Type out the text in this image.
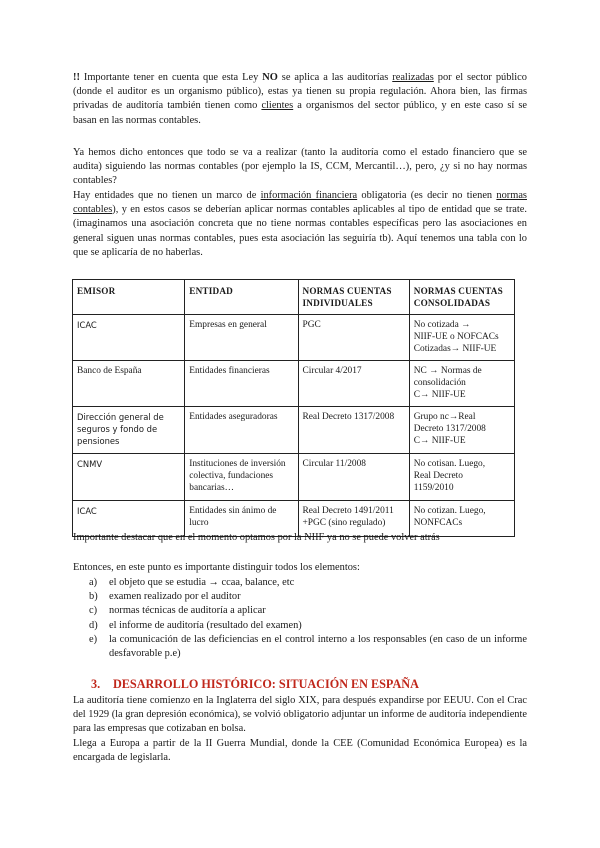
!! Importante tener en cuenta que esta Ley NO se aplica a las auditorías realizadas por el sector público (donde el auditor es un organismo público), estas ya tienen su propia regulación. Ahora bien, las firmas privadas de auditoría también tienen como clientes a organismos del sector público, y en este caso sí se basan en las normas contables.

Ya hemos dicho entonces que todo se va a realizar (tanto la auditoría como el estado financiero que se audita) siguiendo las normas contables (por ejemplo la IS, CCM, Mercantil…), pero, ¿y si no hay normas contables?

Hay entidades que no tienen un marco de información financiera obligatoria (es decir no tienen normas contables), y en estos casos se deberían aplicar normas contables aplicables al tipo de entidad que se trate. (imaginamos una asociación concreta que no tiene normas contables específicas pero las asociaciones en general siguen unas normas contables, pues esta asociación las seguiría tb). Aquí tenemos una tabla con lo que se aplicaría de no haberlas.

EMISOR	ENTIDAD	NORMAS CUENTAS INDIVIDUALES	NORMAS CUENTAS CONSOLIDADAS
ICAC	Empresas en general	PGC	No cotizada →
NIIF-UE o NOFCACs
Cotizadas→ NIIF-UE

Banco de España	Entidades financieras	Circular 4/2017	NC → Normas de
consolidación
C→ NIIF-UE

Dirección general de seguros y fondo de pensiones	Entidades aseguradoras	Real Decreto 1317/2008	Grupo nc→Real
Decreto 1317/2008
C→ NIIF-UE

CNMV	Instituciones de inversión colectiva, fundaciones bancarias…	Circular 11/2008	No cotisan. Luego,
Real Decreto
1159/2010

ICAC	Entidades sin ánimo de lucro	Real Decreto 1491/2011 +PGC (sino regulado)	No cotizan. Luego,
NONFCACs

Importante destacar que en el momento optamos por la NIIF ya no se puede volver atrás

Entonces, en este punto es importante distinguir todos los elementos:

a) el objeto que se estudia → ccaa, balance, etc
b) examen realizado por el auditor
c) normas técnicas de auditoría a aplicar
d) el informe de auditoría (resultado del examen)
e) la comunicación de las deficiencias en el control interno a los responsables (en caso de un informe desfavorable p.e)
3. DESARROLLO HISTÓRICO: SITUACIÓN EN ESPAÑA

La auditoría tiene comienzo en la Inglaterra del siglo XIX, para después expandirse por EEUU. Con el Crac del 1929 (la gran depresión económica), se volvió obligatorio adjuntar un informe de auditoría independiente para las empresas que cotizaban en bolsa.

Llega a Europa a partir de la II Guerra Mundial, donde la CEE (Comunidad Económica Europea) es la encargada de legislarla.
